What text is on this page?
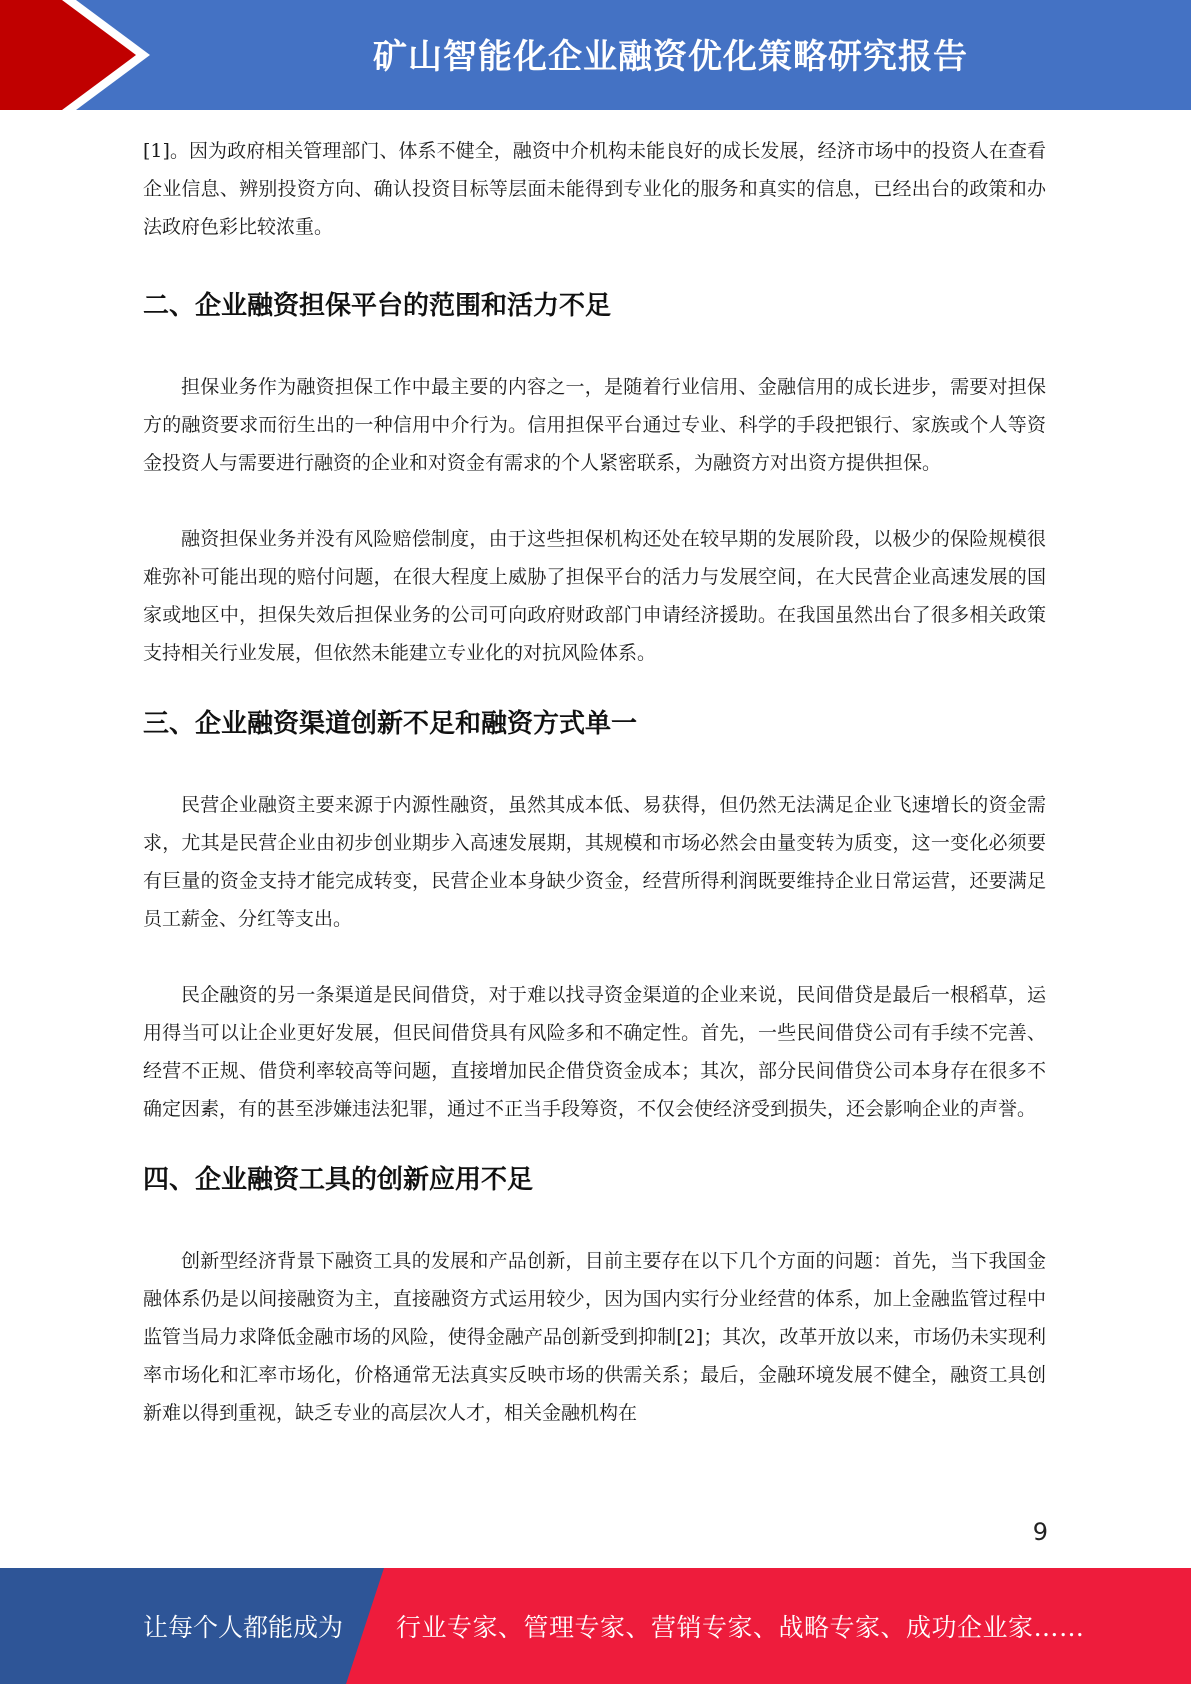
矿山智能化企业融资优化策略研究报告

[1]。因为政府相关管理部门、体系不健全，融资中介机构未能良好的成长发展，经济市场中的投资人在查看企业信息、辨别投资方向、确认投资目标等层面未能得到专业化的服务和真实的信息，已经出台的政策和办法政府色彩比较浓重。

二、企业融资担保平台的范围和活力不足

担保业务作为融资担保工作中最主要的内容之一，是随着行业信用、金融信用的成长进步，需要对担保方的融资要求而衍生出的一种信用中介行为。信用担保平台通过专业、科学的手段把银行、家族或个人等资金投资人与需要进行融资的企业和对资金有需求的个人紧密联系，为融资方对出资方提供担保。

融资担保业务并没有风险赔偿制度，由于这些担保机构还处在较早期的发展阶段，以极少的保险规模很难弥补可能出现的赔付问题，在很大程度上威胁了担保平台的活力与发展空间，在大民营企业高速发展的国家或地区中，担保失效后担保业务的公司可向政府财政部门申请经济援助。在我国虽然出台了很多相关政策支持相关行业发展，但依然未能建立专业化的对抗风险体系。

三、企业融资渠道创新不足和融资方式单一

民营企业融资主要来源于内源性融资，虽然其成本低、易获得，但仍然无法满足企业飞速增长的资金需求，尤其是民营企业由初步创业期步入高速发展期，其规模和市场必然会由量变转为质变，这一变化必须要有巨量的资金支持才能完成转变，民营企业本身缺少资金，经营所得利润既要维持企业日常运营，还要满足员工薪金、分红等支出。

民企融资的另一条渠道是民间借贷，对于难以找寻资金渠道的企业来说，民间借贷是最后一根稻草，运用得当可以让企业更好发展，但民间借贷具有风险多和不确定性。首先，一些民间借贷公司有手续不完善、经营不正规、借贷利率较高等问题，直接增加民企借贷资金成本；其次，部分民间借贷公司本身存在很多不确定因素，有的甚至涉嫌违法犯罪，通过不正当手段筹资，不仅会使经济受到损失，还会影响企业的声誉。

四、企业融资工具的创新应用不足

创新型经济背景下融资工具的发展和产品创新，目前主要存在以下几个方面的问题：首先，当下我国金融体系仍是以间接融资为主，直接融资方式运用较少，因为国内实行分业经营的体系，加上金融监管过程中监管当局力求降低金融市场的风险，使得金融产品创新受到抑制[2]；其次，改革开放以来，市场仍未实现利率市场化和汇率市场化，价格通常无法真实反映市场的供需关系；最后，金融环境发展不健全，融资工具创新难以得到重视，缺乏专业的高层次人才，相关金融机构在

9
让每个人都能成为 行业专家、管理专家、营销专家、战略专家、成功企业家……
